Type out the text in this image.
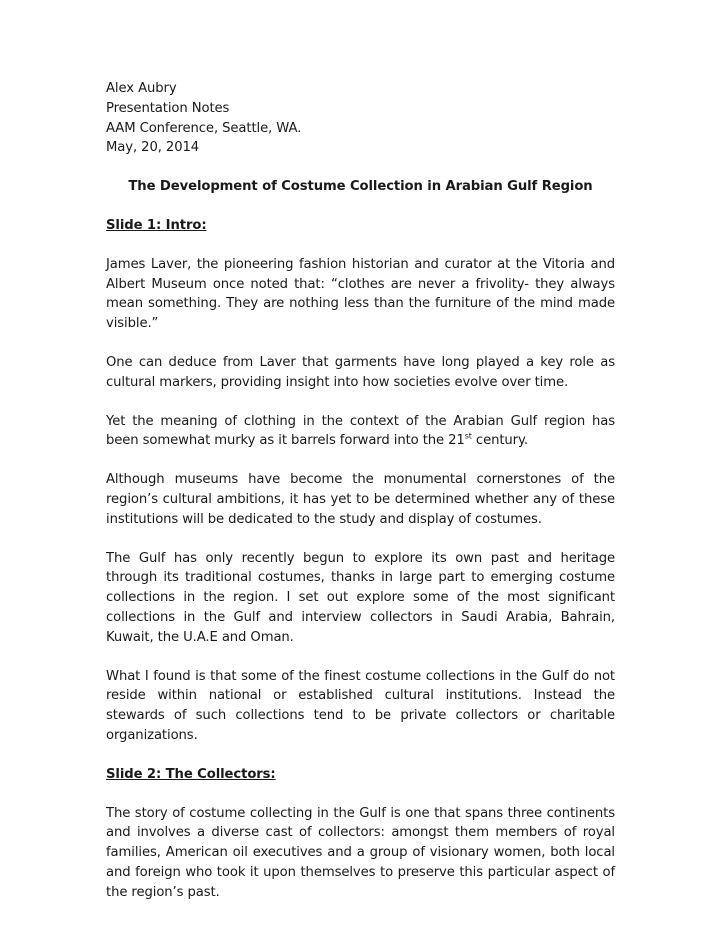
Alex Aubry
Presentation Notes
AAM Conference, Seattle, WA.
May, 20, 2014
The Development of Costume Collection in Arabian Gulf Region
Slide 1: Intro:

James Laver, the pioneering fashion historian and curator at the Vitoria and Albert Museum once noted that: “clothes are never a frivolity- they always mean something. They are nothing less than the furniture of the mind made visible.”

One can deduce from Laver that garments have long played a key role as cultural markers, providing insight into how societies evolve over time.

Yet the meaning of clothing in the context of the Arabian Gulf region has been somewhat murky as it barrels forward into the 21st century.

Although museums have become the monumental cornerstones of the region’s cultural ambitions, it has yet to be determined whether any of these institutions will be dedicated to the study and display of costumes.

The Gulf has only recently begun to explore its own past and heritage through its traditional costumes, thanks in large part to emerging costume collections in the region. I set out explore some of the most significant collections in the Gulf and interview collectors in Saudi Arabia, Bahrain, Kuwait, the U.A.E and Oman.

What I found is that some of the finest costume collections in the Gulf do not reside within national or established cultural institutions. Instead the stewards of such collections tend to be private collectors or charitable organizations.

Slide 2: The Collectors:

The story of costume collecting in the Gulf is one that spans three continents and involves a diverse cast of collectors: amongst them members of royal families, American oil executives and a group of visionary women, both local and foreign who took it upon themselves to preserve this particular aspect of the region’s past.
